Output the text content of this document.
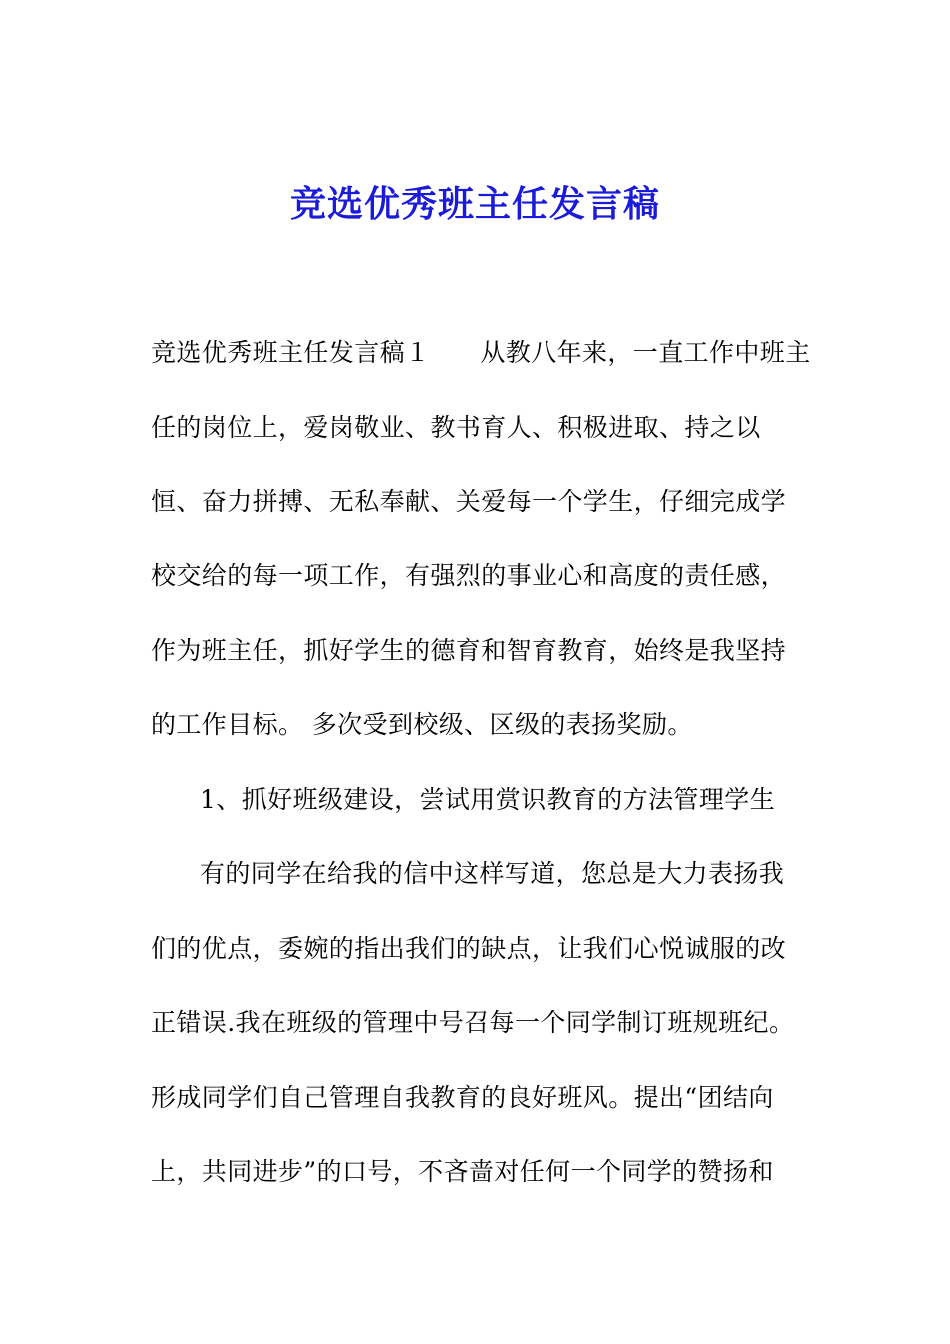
竞选优秀班主任发言稿
竞选优秀班主任发言稿１ 从教八年来，一直工作中班主
任的岗位上，爱岗敬业、教书育人、积极进取、持之以
恒、奋力拼搏、无私奉献、关爱每一个学生，仔细完成学
校交给的每一项工作，有强烈的事业心和高度的责任感，
作为班主任，抓好学生的德育和智育教育，始终是我坚持
的工作目标。 多次受到校级、区级的表扬奖励。
1、抓好班级建设，尝试用赏识教育的方法管理学生
有的同学在给我的信中这样写道，您总是大力表扬我
们的优点，委婉的指出我们的缺点，让我们心悦诚服的改
正错误.我在班级的管理中号召每一个同学制订班规班纪。
形成同学们自己管理自我教育的良好班风。提出“团结向
上，共同进步”的口号，不吝啬对任何一个同学的赞扬和
